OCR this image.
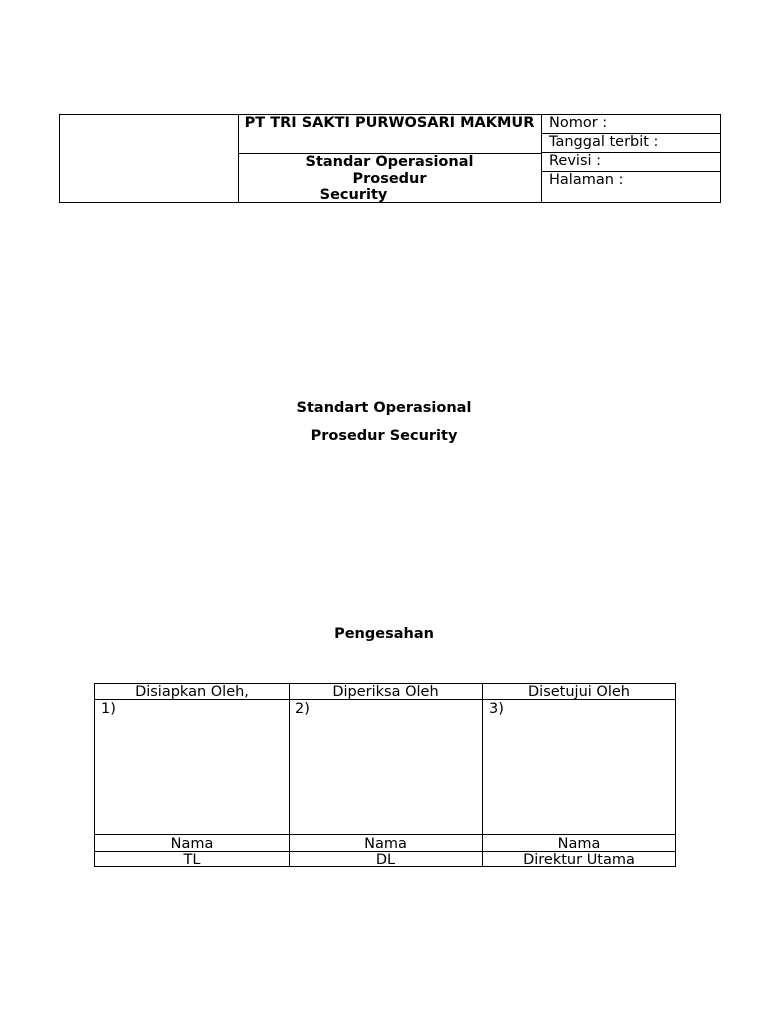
PT TRI SAKTI PURWOSARI MAKMUR
Standar Operasional
Prosedur
Security
Nomor :
Tanggal terbit :
Revisi :
Halaman :
Standart Operasional
Prosedur Security
Pengesahan
Disiapkan Oleh,
1)
Nama
TL
Diperiksa Oleh
2)
Nama
DL
Disetujui Oleh
3)
Nama
Direktur Utama
